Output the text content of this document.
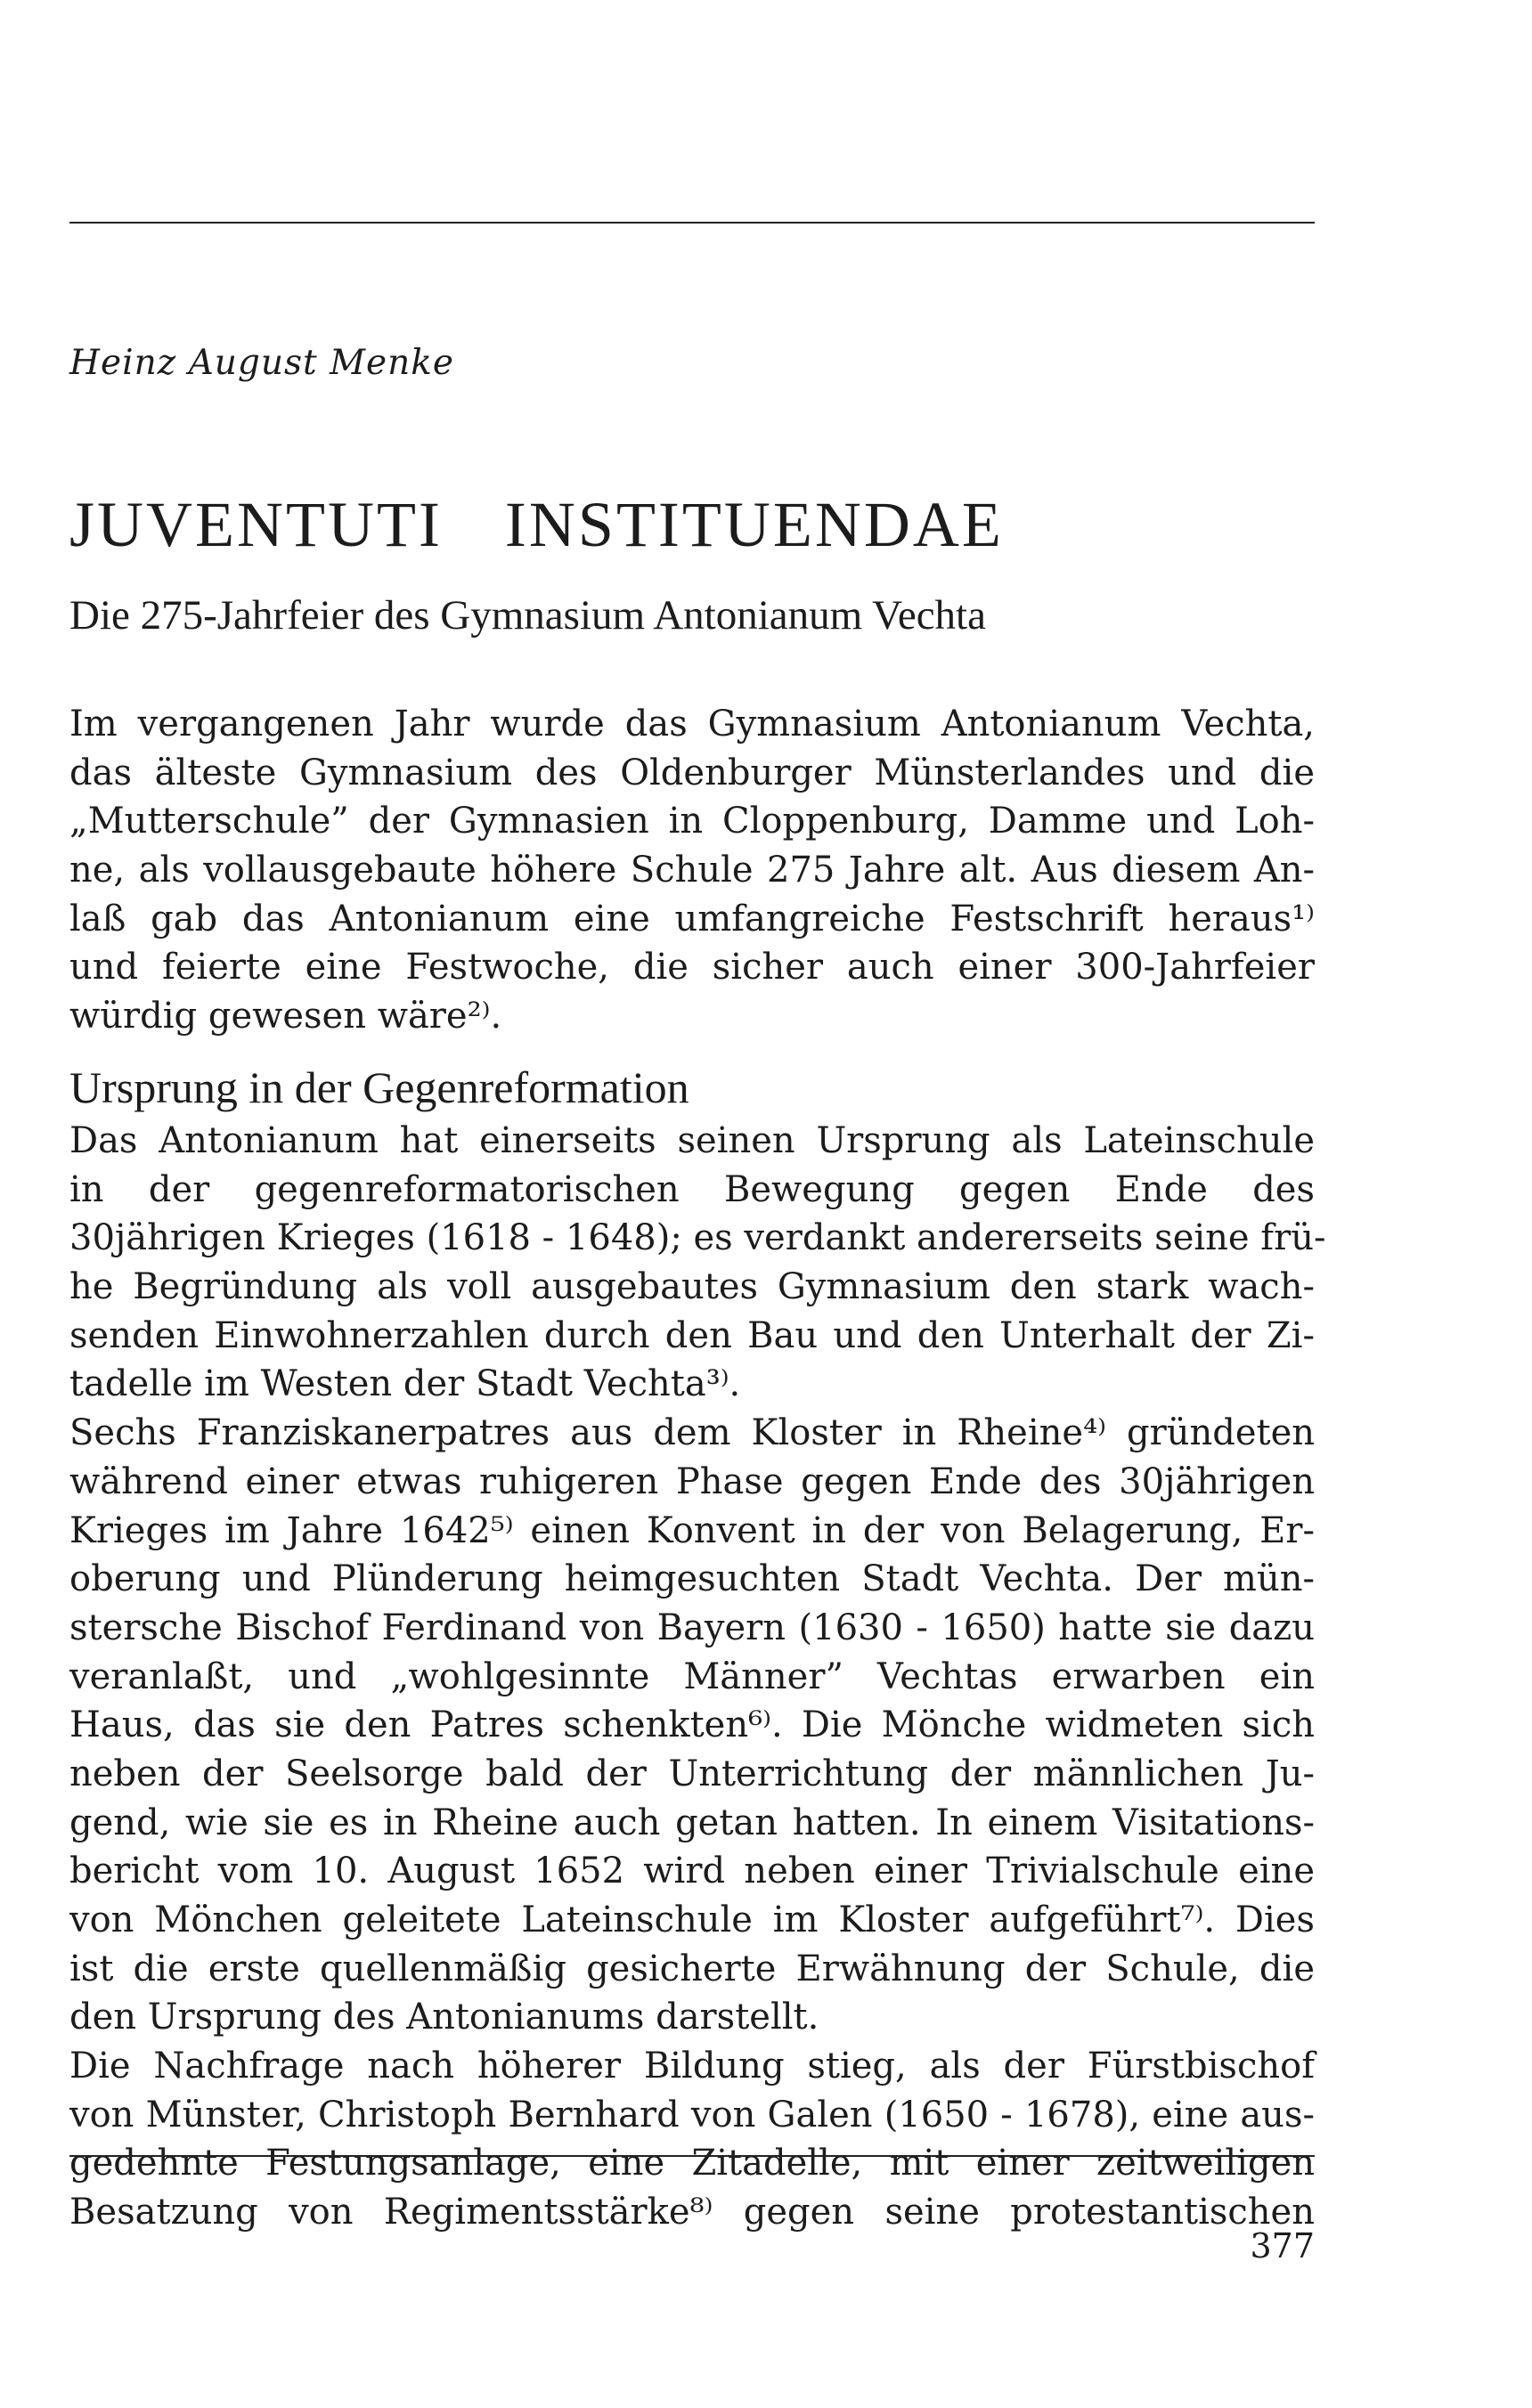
Heinz August Menke
JUVENTUTI INSTITUENDAE
Die 275-Jahrfeier des Gymnasium Antonianum Vechta
Im vergangenen Jahr wurde das Gymnasium Antonianum Vechta,
das älteste Gymnasium des Oldenburger Münsterlandes und die
„Mutterschule” der Gymnasien in Cloppenburg, Damme und Loh-
ne, als vollausgebaute höhere Schule 275 Jahre alt. Aus diesem An-
laß gab das Antonianum eine umfangreiche Festschrift heraus¹⁾
und feierte eine Festwoche, die sicher auch einer 300-Jahrfeier
würdig gewesen wäre²⁾.
Ursprung in der Gegenreformation
Das Antonianum hat einerseits seinen Ursprung als Lateinschule
in der gegenreformatorischen Bewegung gegen Ende des
30jährigen Krieges (1618 - 1648); es verdankt andererseits seine frü-
he Begründung als voll ausgebautes Gymnasium den stark wach-
senden Einwohnerzahlen durch den Bau und den Unterhalt der Zi-
tadelle im Westen der Stadt Vechta³⁾.
Sechs Franziskanerpatres aus dem Kloster in Rheine⁴⁾ gründeten
während einer etwas ruhigeren Phase gegen Ende des 30jährigen
Krieges im Jahre 1642⁵⁾ einen Konvent in der von Belagerung, Er-
oberung und Plünderung heimgesuchten Stadt Vechta. Der mün-
stersche Bischof Ferdinand von Bayern (1630 - 1650) hatte sie dazu
veranlaßt, und „wohlgesinnte Männer” Vechtas erwarben ein
Haus, das sie den Patres schenkten⁶⁾. Die Mönche widmeten sich
neben der Seelsorge bald der Unterrichtung der männlichen Ju-
gend, wie sie es in Rheine auch getan hatten. In einem Visitations-
bericht vom 10. August 1652 wird neben einer Trivialschule eine
von Mönchen geleitete Lateinschule im Kloster aufgeführt⁷⁾. Dies
ist die erste quellenmäßig gesicherte Erwähnung der Schule, die
den Ursprung des Antonianums darstellt.
Die Nachfrage nach höherer Bildung stieg, als der Fürstbischof
von Münster, Christoph Bernhard von Galen (1650 - 1678), eine aus-
gedehnte Festungsanlage, eine Zitadelle, mit einer zeitweiligen
Besatzung von Regimentsstärke⁸⁾ gegen seine protestantischen
377
